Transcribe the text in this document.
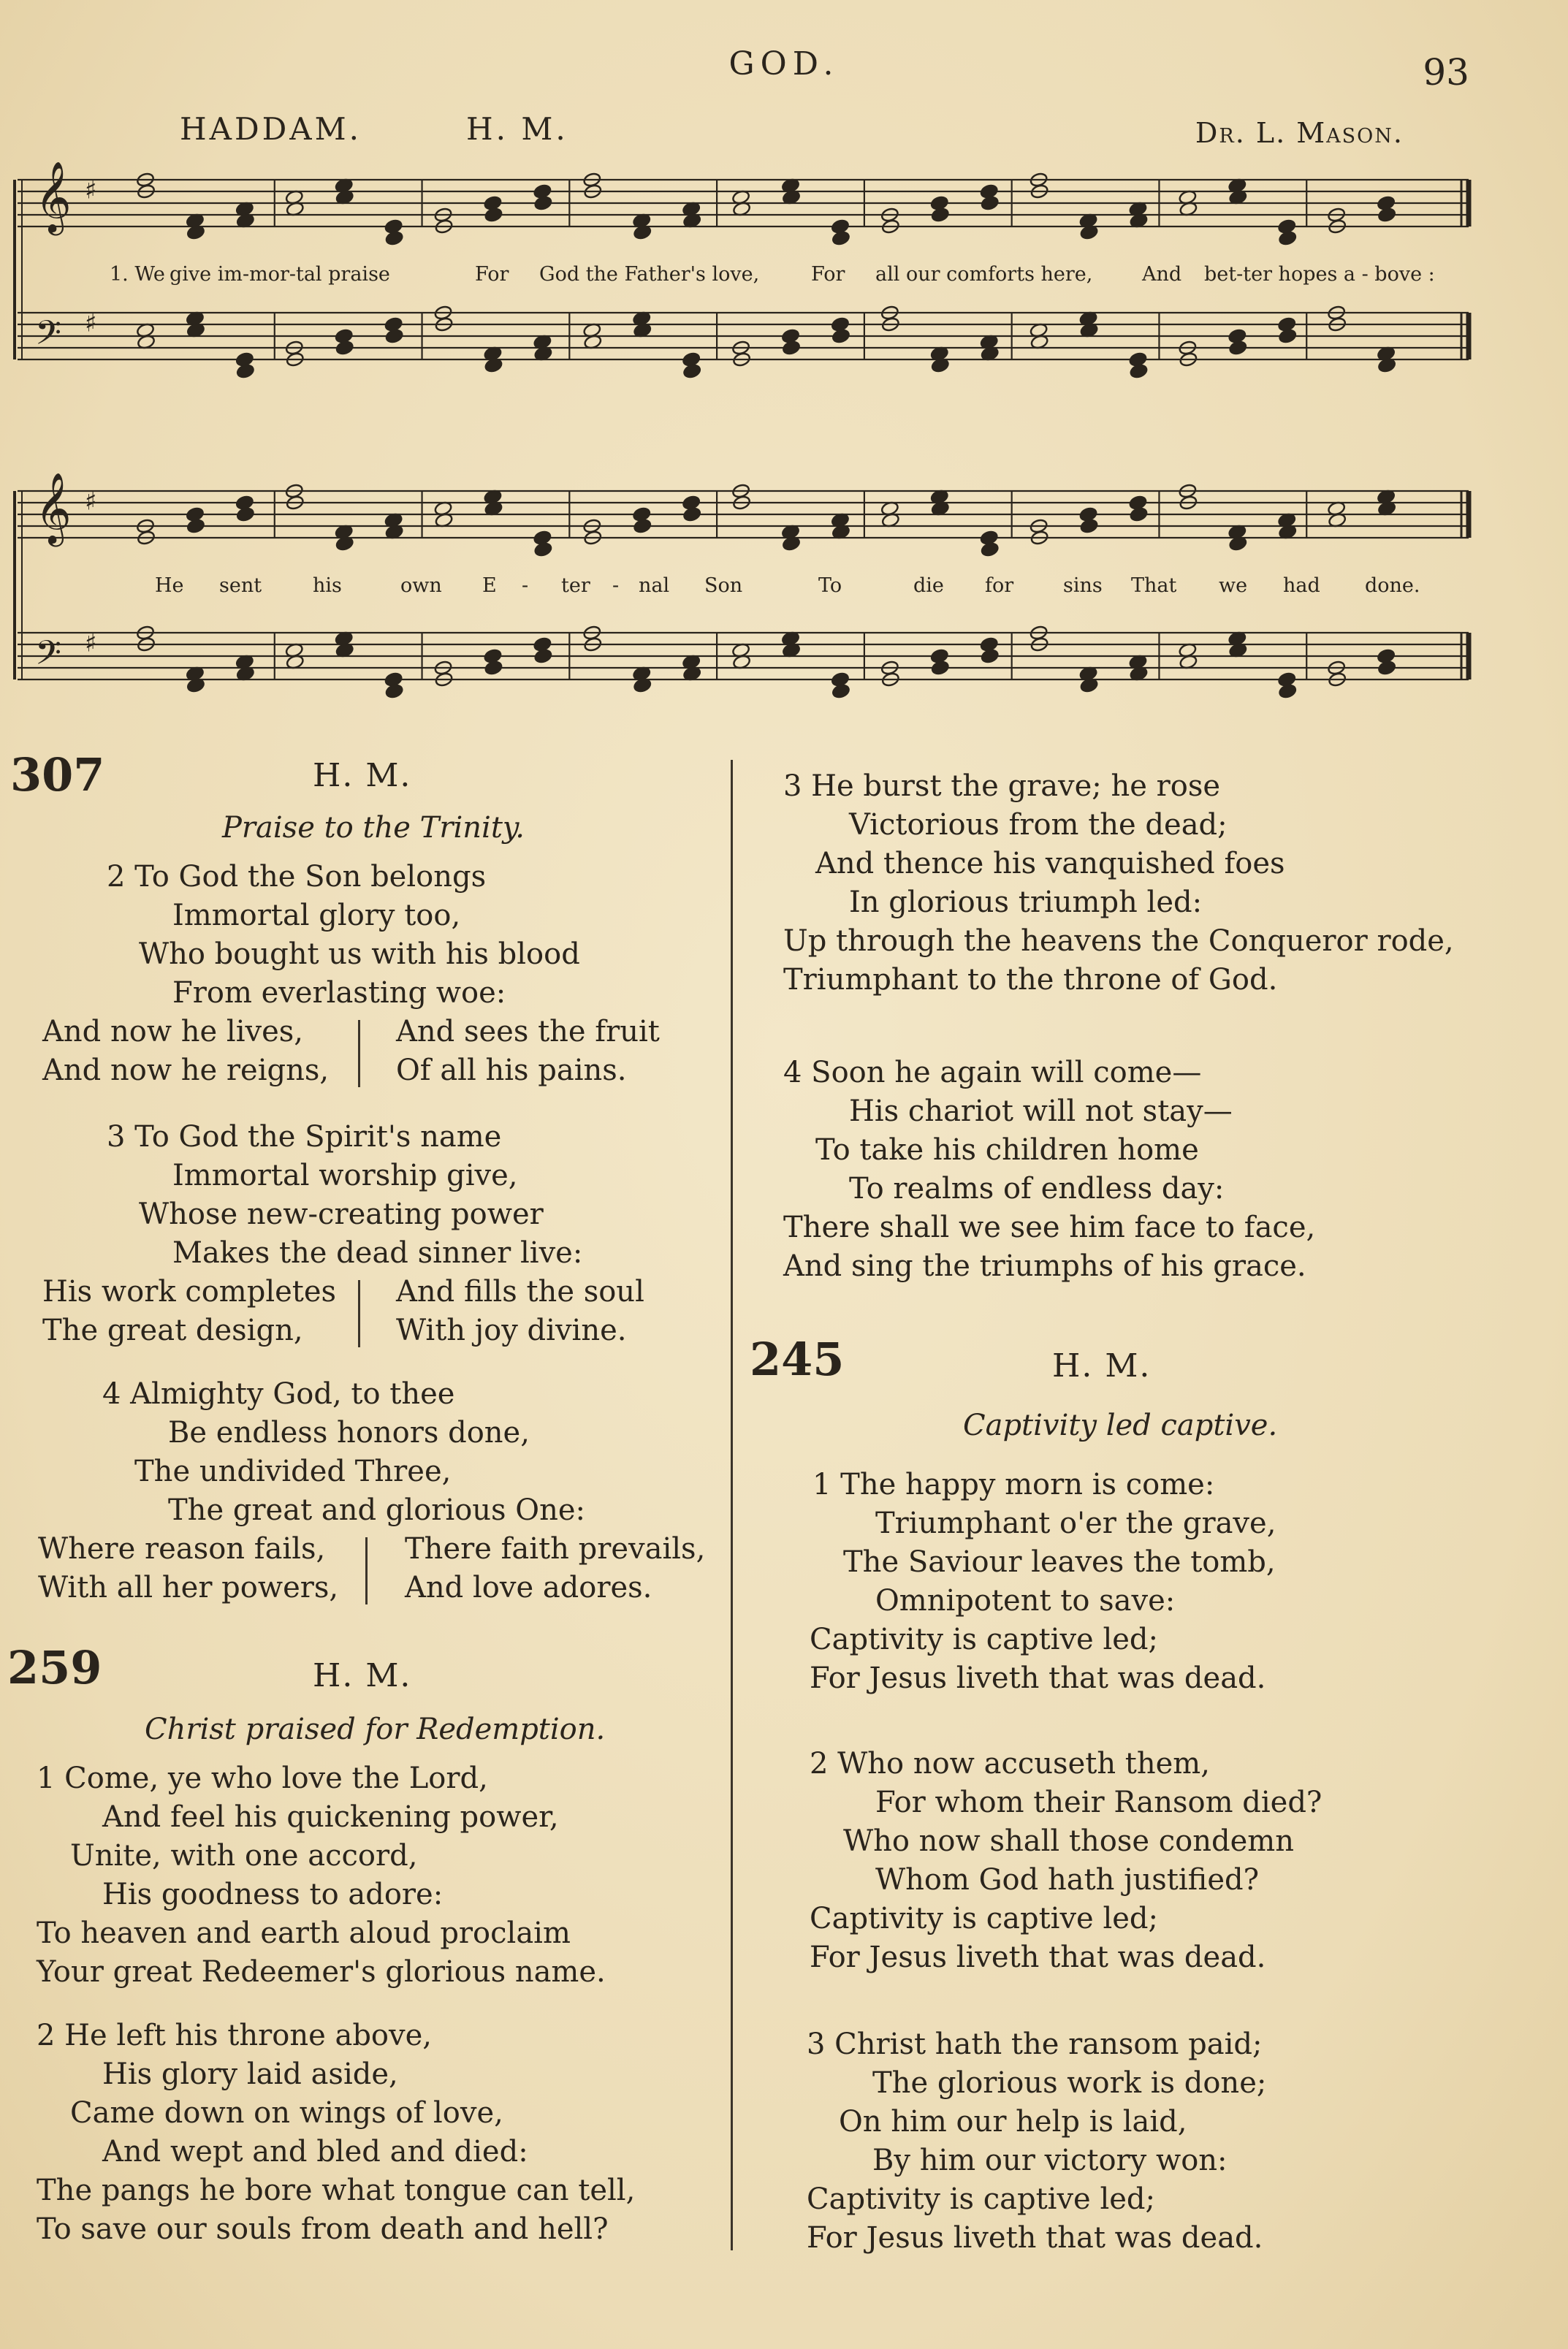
GOD.	93
HADDAM.	H. M.	Dr. L. Mason.
𝄞 ♯
𝄢 ♯
𝄞 ♯
𝄢 ♯
1. We give im-mor-tal praise	For God the Father's love,	For all our comforts here,	And bet-ter hopes a - bove :
He sent	his	own E - ter - nal Son	To	die for	sins That we had done.
307	H. M.
Praise to the Trinity.
2 To God the Son belongs
Immortal glory too,
Who bought us with his blood
From everlasting woe:
And now he lives,
And now he reigns,
And sees the fruit
Of all his pains.
3 To God the Spirit's name
Immortal worship give,
Whose new-creating power
Makes the dead sinner live:
His work completes
The great design,
And fills the soul
With joy divine.
4 Almighty God, to thee
Be endless honors done,
The undivided Three,
The great and glorious One:
Where reason fails,
With all her powers,
There faith prevails,
And love adores.
259	H. M.
Christ praised for Redemption.
1 Come, ye who love the Lord,
And feel his quickening power,
Unite, with one accord,
His goodness to adore:
To heaven and earth aloud proclaim
Your great Redeemer's glorious name.
2 He left his throne above,
His glory laid aside,
Came down on wings of love,
And wept and bled and died:
The pangs he bore what tongue can tell,
To save our souls from death and hell?
3 He burst the grave; he rose
Victorious from the dead;
And thence his vanquished foes
In glorious triumph led:
Up through the heavens the Conqueror rode,
Triumphant to the throne of God.
4 Soon he again will come—
His chariot will not stay—
To take his children home
To realms of endless day:
There shall we see him face to face,
And sing the triumphs of his grace.
245	H. M.
Captivity led captive.
1 The happy morn is come:
Triumphant o'er the grave,
The Saviour leaves the tomb,
Omnipotent to save:
Captivity is captive led;
For Jesus liveth that was dead.
2 Who now accuseth them,
For whom their Ransom died?
Who now shall those condemn
Whom God hath justified?
Captivity is captive led;
For Jesus liveth that was dead.
3 Christ hath the ransom paid;
The glorious work is done;
On him our help is laid,
By him our victory won:
Captivity is captive led;
For Jesus liveth that was dead.
